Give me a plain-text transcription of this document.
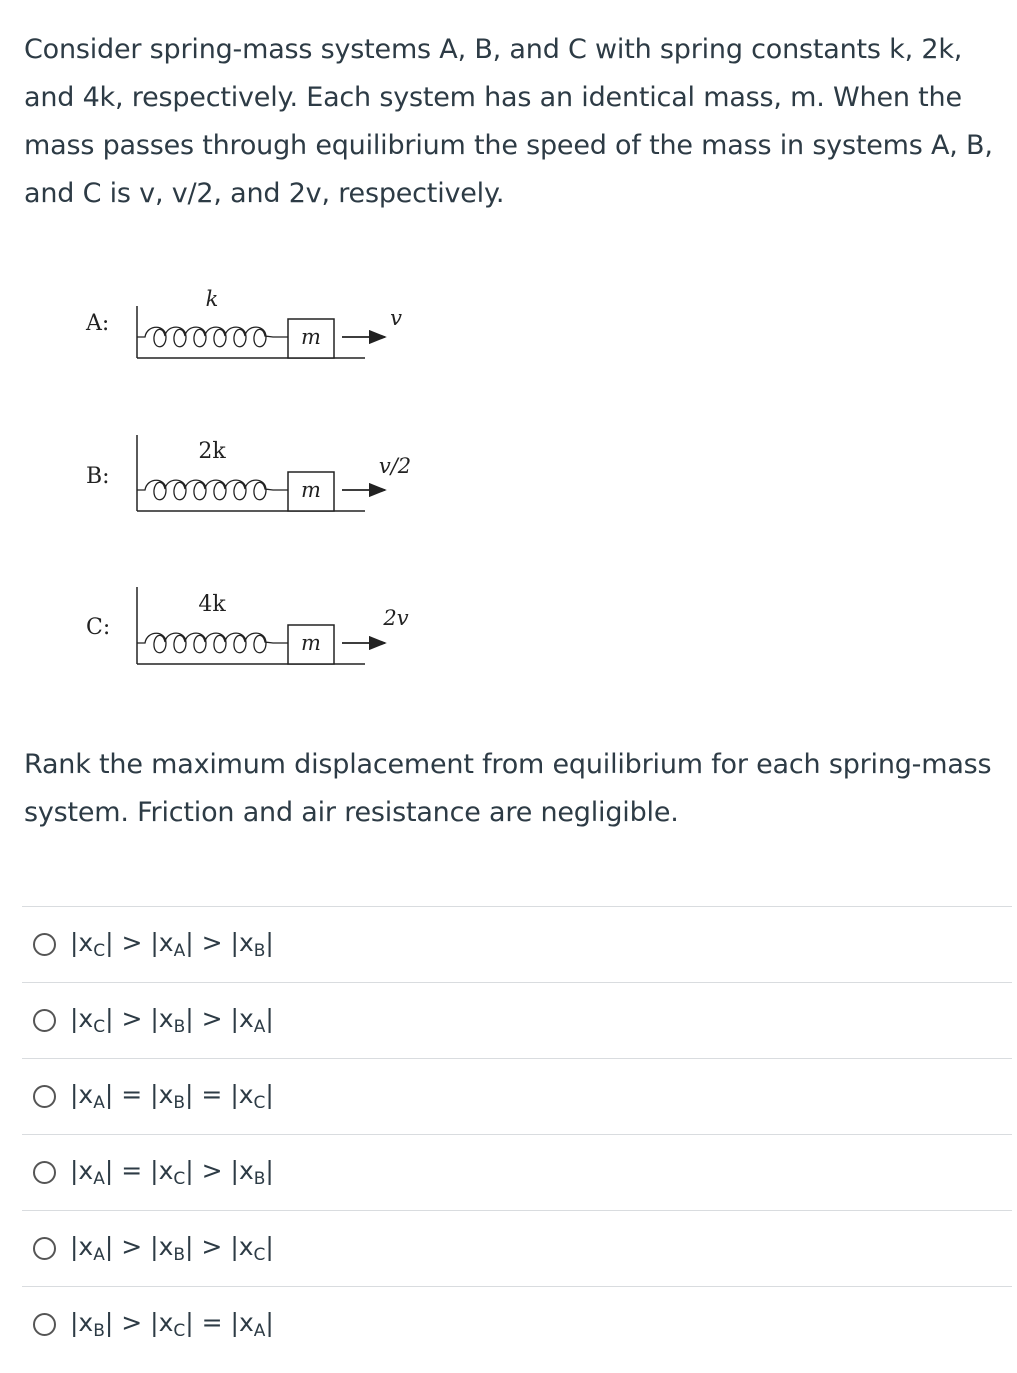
Consider spring-mass systems A, B, and C with spring constants k, 2k, and 4k, respectively. Each system has an identical mass, m. When the mass passes through equilibrium the speed of the mass in systems A, B, and C is v, v/2, and 2v, respectively.

A:
m
k
v
B:
m
2k
v/2
C:
m
4k
2v

Rank the maximum displacement from equilibrium for each spring-mass system. Friction and air resistance are negligible.

$|x_C| > |x_A| > |x_B|$
$|x_C| > |x_B| > |x_A|$
$|x_A| = |x_B| = |x_C|$
$|x_A| = |x_C| > |x_B|$
$|x_A| > |x_B| > |x_C|$
$|x_B| > |x_C| = |x_A|$
